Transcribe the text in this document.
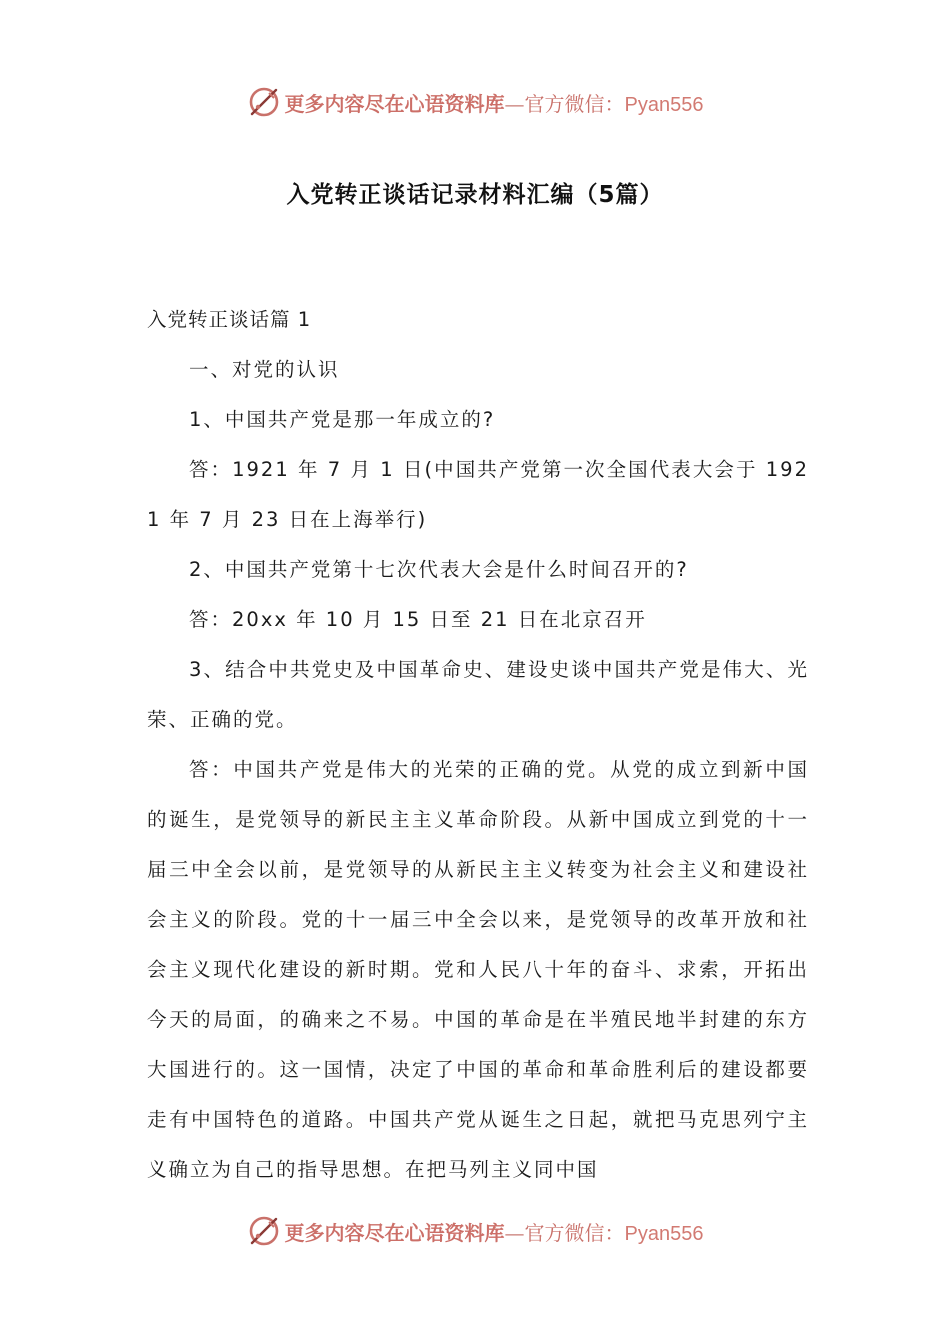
更多内容尽在心语资料库—官方微信：Pyan556
入党转正谈话记录材料汇编（5篇）

入党转正谈话篇 1

一、对党的认识

1、中国共产党是那一年成立的?

答：1921 年 7 月 1 日(中国共产党第一次全国代表大会于 1921 年 7 月 23 日在上海举行)

2、中国共产党第十七次代表大会是什么时间召开的?

答：20xx 年 10 月 15 日至 21 日在北京召开

3、结合中共党史及中国革命史、建设史谈中国共产党是伟大、光荣、正确的党。

答：中国共产党是伟大的光荣的正确的党。从党的成立到新中国的诞生，是党领导的新民主主义革命阶段。从新中国成立到党的十一届三中全会以前，是党领导的从新民主主义转变为社会主义和建设社会主义的阶段。党的十一届三中全会以来，是党领导的改革开放和社会主义现代化建设的新时期。党和人民八十年的奋斗、求索，开拓出今天的局面，的确来之不易。中国的革命是在半殖民地半封建的东方大国进行的。这一国情，决定了中国的革命和革命胜利后的建设都要走有中国特色的道路。中国共产党从诞生之日起，就把马克思列宁主义确立为自己的指导思想。在把马列主义同中国

更多内容尽在心语资料库—官方微信：Pyan556
